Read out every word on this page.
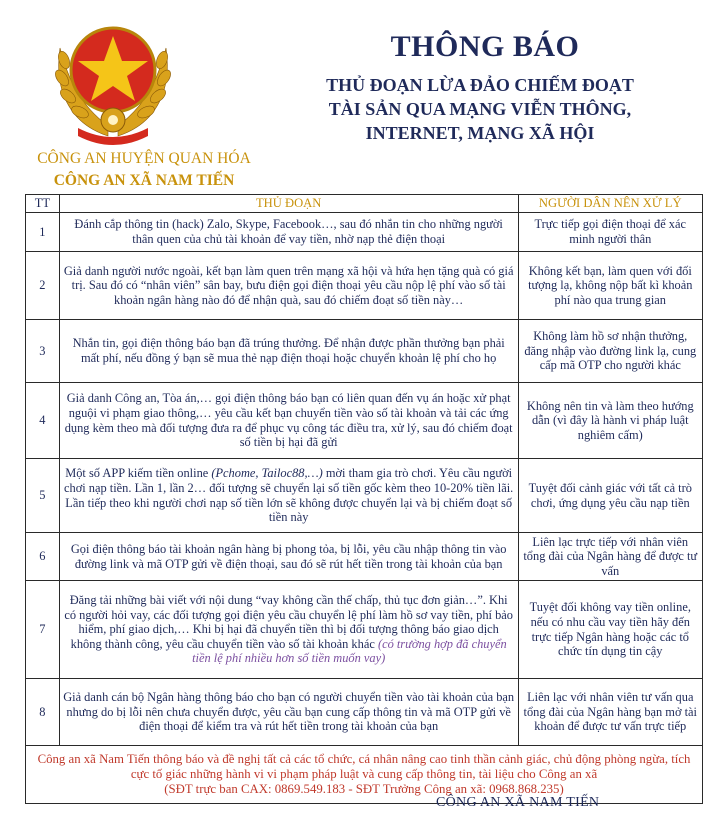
CÔNG AN HUYỆN QUAN HÓA
CÔNG AN XÃ NAM TIẾN
THÔNG BÁO
THỦ ĐOẠN LỪA ĐẢO CHIẾM ĐOẠT
TÀI SẢN QUA MẠNG VIỄN THÔNG,
INTERNET, MẠNG XÃ HỘI
TT	THỦ ĐOẠN	NGƯỜI DÂN NÊN XỬ LÝ
1	Đánh cắp thông tin (hack) Zalo, Skype, Facebook…, sau đó nhắn tin cho những người thân quen của chủ tài khoản để vay tiền, nhờ nạp thẻ điện thoại	Trực tiếp gọi điện thoại để xác minh người thân
2	Giả danh người nước ngoài, kết bạn làm quen trên mạng xã hội và hứa hẹn tặng quà có giá trị. Sau đó có “nhân viên” sân bay, bưu điện gọi điện thoại yêu cầu nộp lệ phí vào số tài khoản ngân hàng nào đó để nhận quà, sau đó chiếm đoạt số tiền này…	Không kết bạn, làm quen với đối tượng lạ, không nộp bất kì khoản phí nào qua trung gian
3	Nhắn tin, gọi điện thông báo bạn đã trúng thưởng. Để nhận được phần thưởng bạn phải mất phí, nếu đồng ý bạn sẽ mua thẻ nạp điện thoại hoặc chuyển khoản lệ phí cho họ	Không làm hồ sơ nhận thưởng, đăng nhập vào đường link lạ, cung cấp mã OTP cho người khác
4	Giả danh Công an, Tòa án,… gọi điện thông báo bạn có liên quan đến vụ án hoặc xử phạt nguội vi phạm giao thông,… yêu cầu kết bạn chuyển tiền vào số tài khoản và tải các ứng dụng kèm theo mà đối tượng đưa ra để phục vụ công tác điều tra, xử lý, sau đó chiếm đoạt số tiền bị hại đã gửi	Không nên tin và làm theo hướng dẫn (vì đây là hành vi pháp luật nghiêm cấm)
5	Một số APP kiếm tiền online (Pchome, Tailoc88,…) mời tham gia trò chơi. Yêu cầu người chơi nạp tiền. Lần 1, lần 2… đối tượng sẽ chuyển lại số tiền gốc kèm theo 10-20% tiền lãi. Lần tiếp theo khi người chơi nạp số tiền lớn sẽ không được chuyển lại và bị chiếm đoạt số tiền này	Tuyệt đối cảnh giác với tất cả trò chơi, ứng dụng yêu cầu nạp tiền
6	Gọi điện thông báo tài khoản ngân hàng bị phong tỏa, bị lỗi, yêu cầu nhập thông tin vào đường link và mã OTP gửi về điện thoại, sau đó sẽ rút hết tiền trong tài khoản của bạn	Liên lạc trực tiếp với nhân viên tổng đài của Ngân hàng để được tư vấn
7	Đăng tải những bài viết với nội dung “vay không cần thế chấp, thủ tục đơn giản…”. Khi có người hỏi vay, các đối tượng gọi điện yêu cầu chuyển lệ phí làm hồ sơ vay tiền, phí bảo hiểm, phí giao dịch,… Khi bị hại đã chuyển tiền thì bị đối tượng thông báo giao dịch không thành công, yêu cầu chuyển tiền vào số tài khoản khác (có trường hợp đã chuyển tiền lệ phí nhiều hơn số tiền muốn vay)	Tuyệt đối không vay tiền online, nếu có nhu cầu vay tiền hãy đến trực tiếp Ngân hàng hoặc các tổ chức tín dụng tin cậy
8	Giả danh cán bộ Ngân hàng thông báo cho bạn có người chuyển tiền vào tài khoản của bạn nhưng do bị lỗi nên chưa chuyển được, yêu cầu bạn cung cấp thông tin và mã OTP gửi về điện thoại để kiểm tra và rút hết tiền trong tài khoản của bạn	Liên lạc với nhân viên tư vấn qua tổng đài của Ngân hàng bạn mở tài khoản để được tư vấn trực tiếp

Công an xã Nam Tiến thông báo và đề nghị tất cả các tổ chức, cá nhân nâng cao tinh thần cảnh giác, chủ động phòng ngừa, tích cực tố giác những hành vi vi phạm pháp luật và cung cấp thông tin, tài liệu cho Công an xã
(SĐT trực ban CAX: 0869.549.183 - SĐT Trưởng Công an xã: 0968.868.235)		
CÔNG AN XÃ NAM TIẾN
